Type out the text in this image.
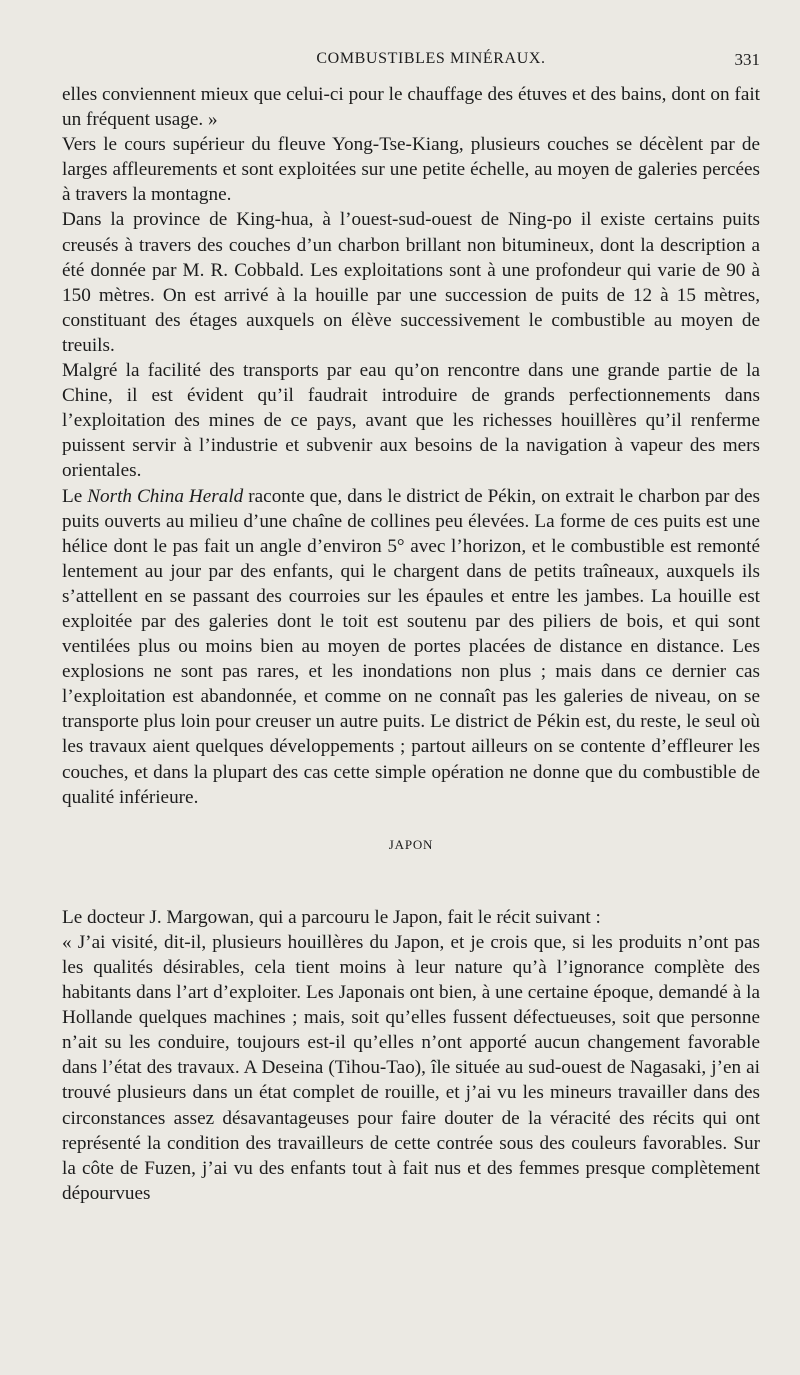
COMBUSTIBLES MINÉRAUX.	331

elles conviennent mieux que celui-ci pour le chauffage des étuves et des bains, dont on fait un fréquent usage. »

Vers le cours supérieur du fleuve Yong-Tse-Kiang, plusieurs couches se décèlent par de larges affleurements et sont exploitées sur une petite échelle, au moyen de galeries percées à travers la montagne.

Dans la province de King-hua, à l’ouest-sud-ouest de Ning-po il existe certains puits creusés à travers des couches d’un charbon brillant non bitumineux, dont la description a été donnée par M. R. Cobbald. Les exploitations sont à une profondeur qui varie de 90 à 150 mètres. On est arrivé à la houille par une succession de puits de 12 à 15 mètres, constituant des étages auxquels on élève successivement le combustible au moyen de treuils.

Malgré la facilité des transports par eau qu’on rencontre dans une grande partie de la Chine, il est évident qu’il faudrait introduire de grands perfectionnements dans l’exploitation des mines de ce pays, avant que les richesses houillères qu’il renferme puissent servir à l’industrie et subvenir aux besoins de la navigation à vapeur des mers orientales.

Le North China Herald raconte que, dans le district de Pékin, on extrait le charbon par des puits ouverts au milieu d’une chaîne de collines peu élevées. La forme de ces puits est une hélice dont le pas fait un angle d’environ 5° avec l’horizon, et le combustible est remonté lentement au jour par des enfants, qui le chargent dans de petits traîneaux, auxquels ils s’attellent en se passant des courroies sur les épaules et entre les jambes. La houille est exploitée par des galeries dont le toit est soutenu par des piliers de bois, et qui sont ventilées plus ou moins bien au moyen de portes placées de distance en distance. Les explosions ne sont pas rares, et les inondations non plus ; mais dans ce dernier cas l’exploitation est abandonnée, et comme on ne connaît pas les galeries de niveau, on se transporte plus loin pour creuser un autre puits. Le district de Pékin est, du reste, le seul où les travaux aient quelques développements ; partout ailleurs on se contente d’effleurer les couches, et dans la plupart des cas cette simple opération ne donne que du combustible de qualité inférieure.

JAPON

Le docteur J. Margowan, qui a parcouru le Japon, fait le récit suivant :

« J’ai visité, dit-il, plusieurs houillères du Japon, et je crois que, si les produits n’ont pas les qualités désirables, cela tient moins à leur nature qu’à l’ignorance complète des habitants dans l’art d’exploiter. Les Japonais ont bien, à une certaine époque, demandé à la Hollande quelques machines ; mais, soit qu’elles fussent défectueuses, soit que personne n’ait su les conduire, toujours est-il qu’elles n’ont apporté aucun changement favorable dans l’état des travaux. A Deseina (Tihou-Tao), île située au sud-ouest de Nagasaki, j’en ai trouvé plusieurs dans un état complet de rouille, et j’ai vu les mineurs travailler dans des circonstances assez désavantageuses pour faire douter de la véracité des récits qui ont représenté la condition des travailleurs de cette contrée sous des couleurs favorables. Sur la côte de Fuzen, j’ai vu des enfants tout à fait nus et des femmes presque complètement dépourvues
